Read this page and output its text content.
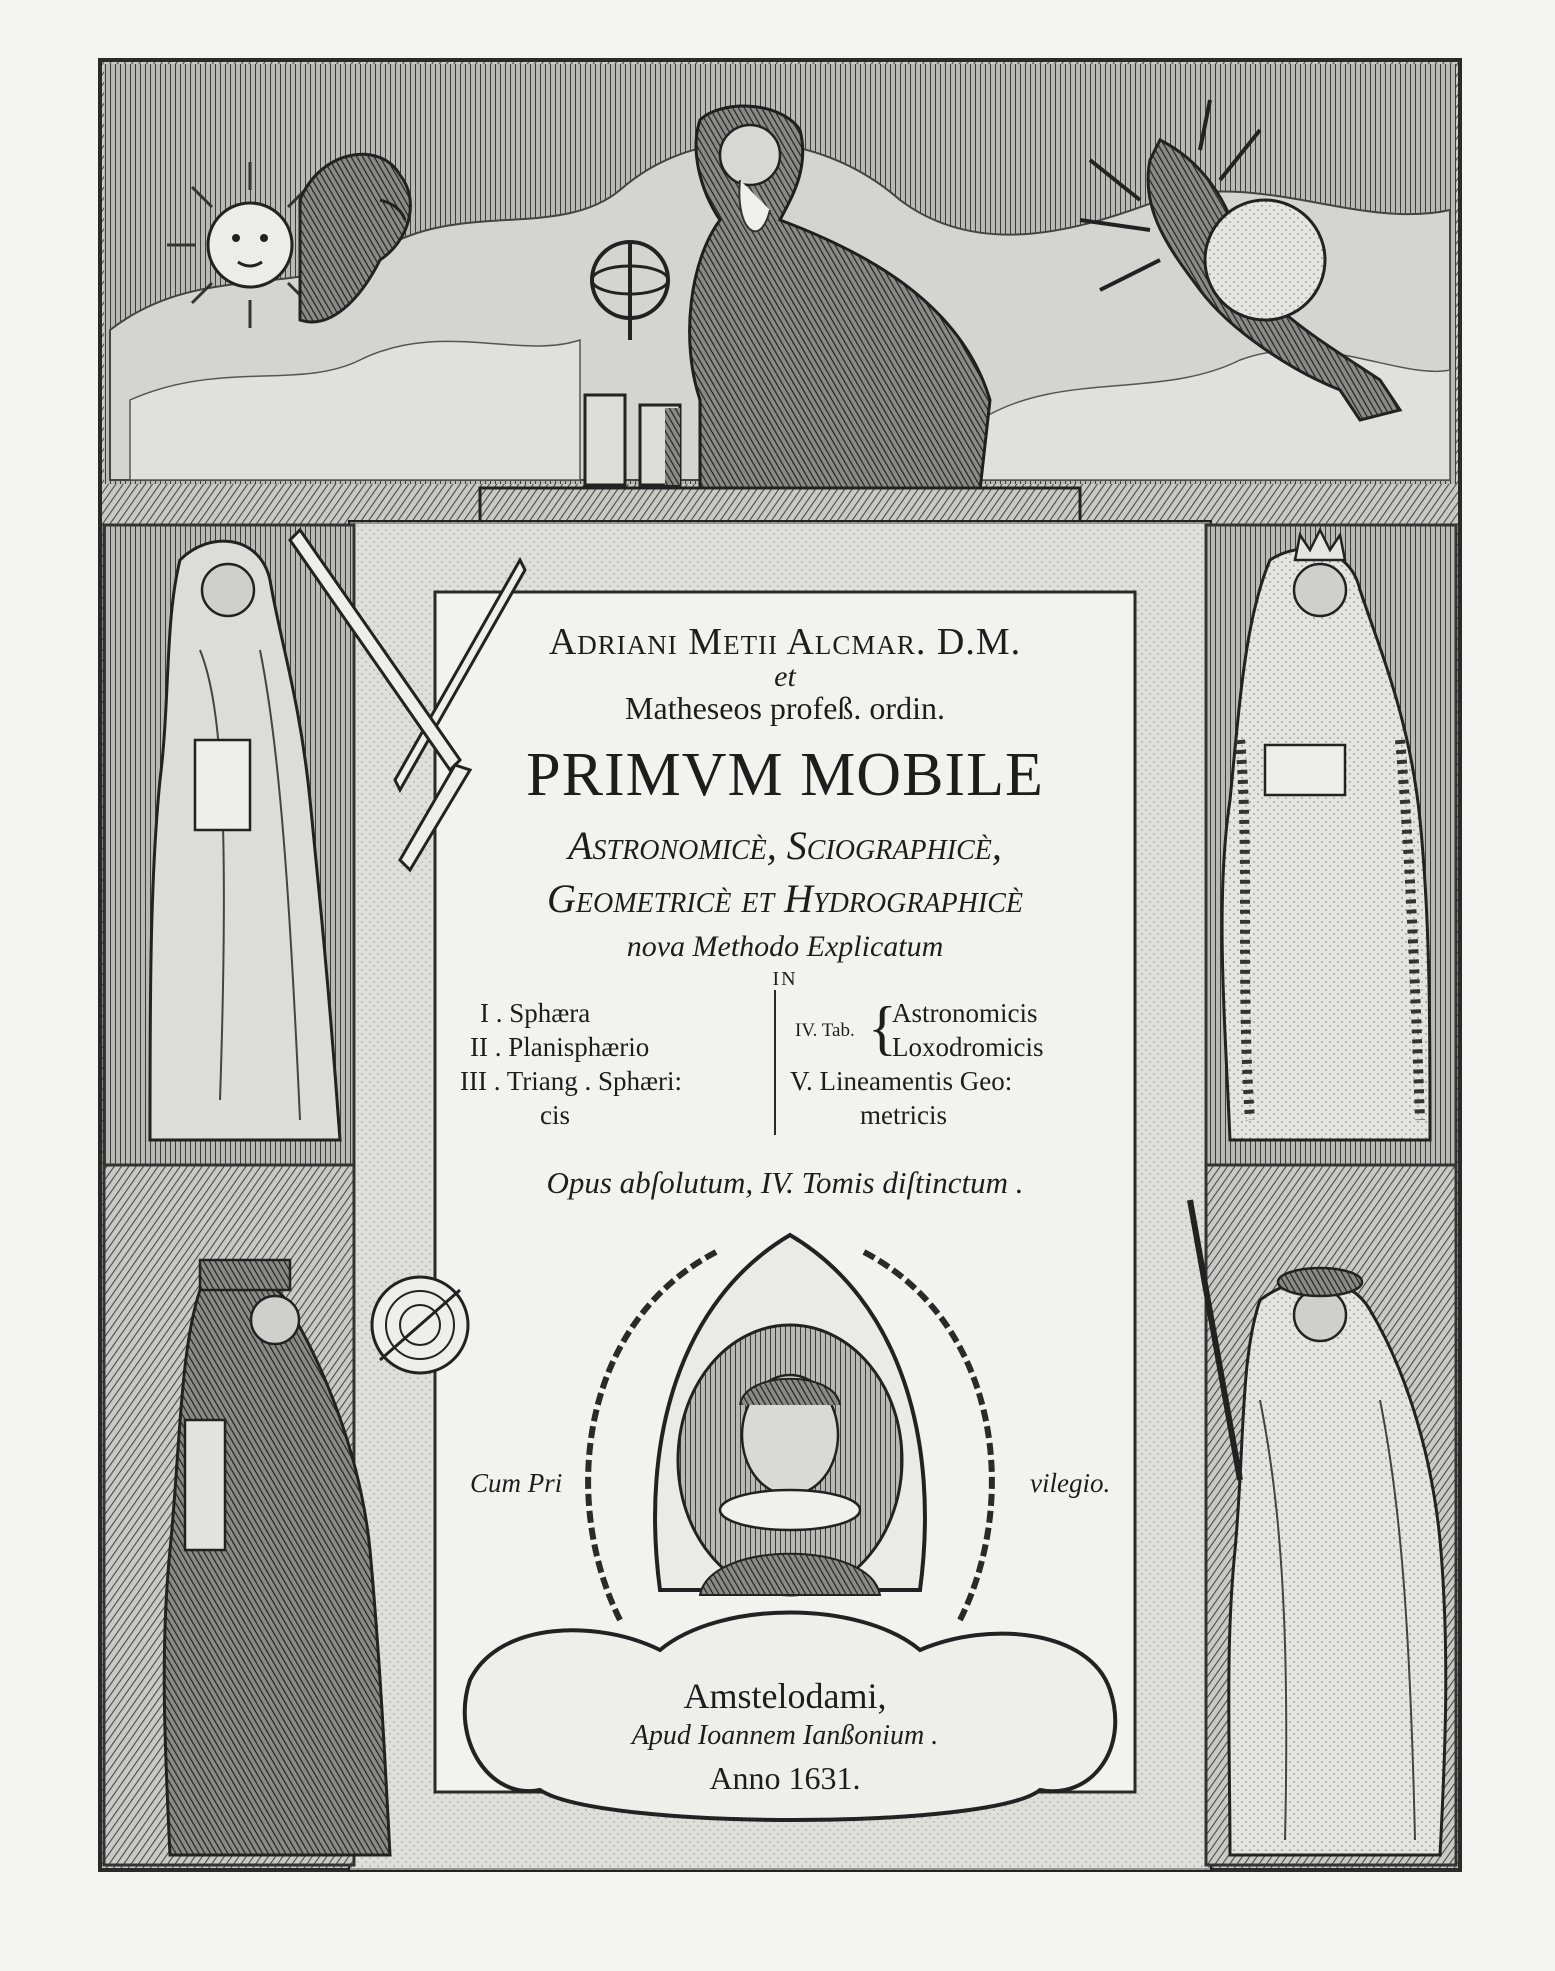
Adriani Metii Alcmar. D.M.
et
Matheseos profeß. ordin.
PRIMVM MOBILE
Astronomicè, Sciographicè,
Geometricè et Hydrographicè
nova Methodo Explicatum
IN
I . Sphæra
II . Planisphærio
III . Triang . Sphæri:
cis
IV. Tab. {
Astronomicis
Loxodromicis
V. Lineamentis Geo:
metricis
Opus abſolutum, IV. Tomis diſtinctum .
Cum Pri	vilegio.
Amstelodami,
Apud Ioannem Ianßonium .
Anno 1631.
